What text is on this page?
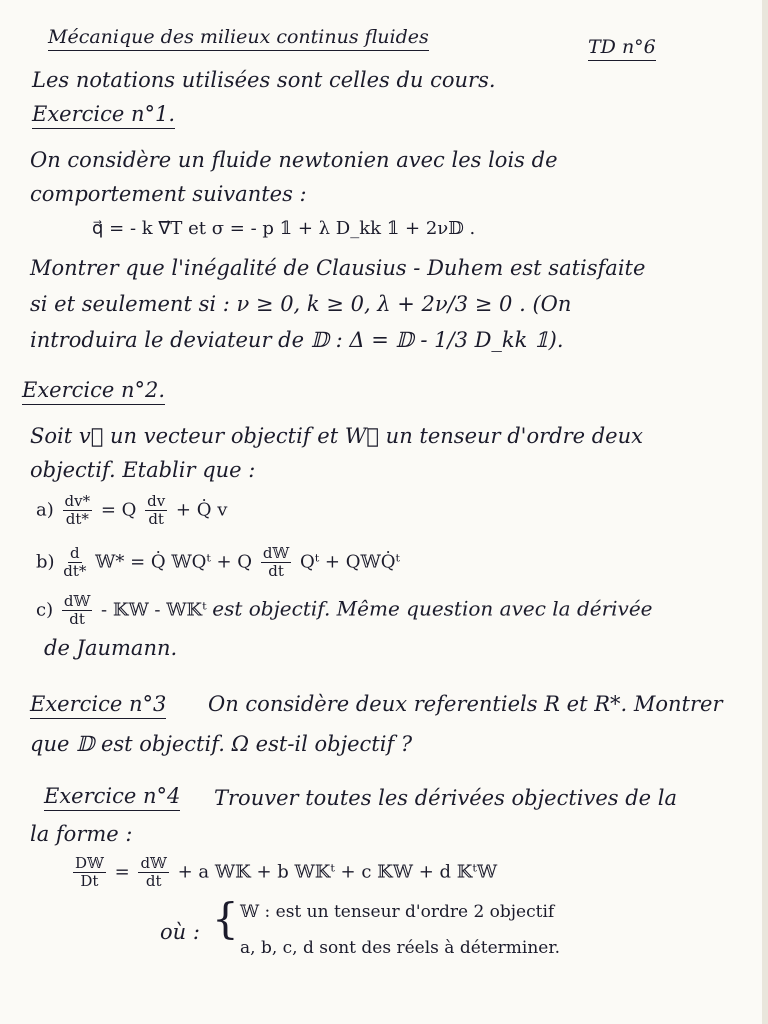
Mécanique des milieux continus fluides	TD n°6
Les notations utilisées sont celles du cours.
Exercice n°1.
On considère un fluide newtonien avec les lois de
comportement suivantes :
q⃗ = - k ∇⃗T et σ = - p 𝟙 + λ D_kk 𝟙 + 2ν𝔻 .
Montrer que l'inégalité de Clausius - Duhem est satisfaite
si et seulement si : ν ≥ 0, k ≥ 0, λ + 2ν/3 ≥ 0 . (On
introduira le deviateur de 𝔻 : Δ = 𝔻 - 1/3 D_kk 𝟙).
Exercice n°2.
Soit v⃗ un vecteur objectif et W⃗ un tenseur d'ordre deux
objectif. Etablir que :
$a) \frac{dv*}{dt*} = Q \frac{dv}{dt}$ + Q̇ v
$b) \frac{d}{dt*}$ 𝕎* = Q̇ 𝕎Qᵗ + Q $\frac{\text{d𝕎}}{dt}$ Qᵗ + Q𝕎Q̇ᵗ
$c) \frac{\text{d𝕎}}{dt}$ - 𝕂𝕎 - 𝕎𝕂ᵗ est objectif. Même question avec la dérivée
de Jaumann.
Exercice n°3 On considère deux referentiels R et R*. Montrer
que 𝔻 est objectif. Ω est-il objectif ?
Exercice n°4 Trouver toutes les dérivées objectives de la
la forme :
$\frac{\text{D𝕎}}{Dt} = \frac{\text{d𝕎}}{dt} + a$ 𝕎𝕂 + b 𝕎𝕂ᵗ + c 𝕂𝕎 + d 𝕂ᵗ𝕎
où : { 𝕎 : est un tenseur d'ordre 2 objectif
a, b, c, d sont des réels à déterminer.
